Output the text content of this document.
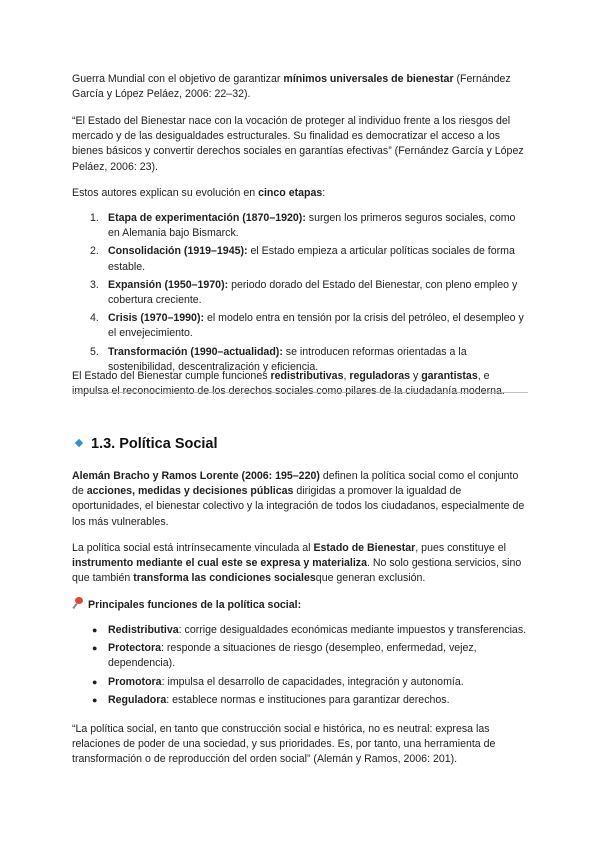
Guerra Mundial con el objetivo de garantizar mínimos universales de bienestar (Fernández García y López Peláez, 2006: 22–32).

“El Estado del Bienestar nace con la vocación de proteger al individuo frente a los riesgos del mercado y de las desigualdades estructurales. Su finalidad es democratizar el acceso a los bienes básicos y convertir derechos sociales en garantías efectivas” (Fernández García y López Peláez, 2006: 23).

Estos autores explican su evolución en cinco etapas:

1. Etapa de experimentación (1870–1920): surgen los primeros seguros sociales, como en Alemania bajo Bismarck.
2. Consolidación (1919–1945): el Estado empieza a articular políticas sociales de forma estable.
3. Expansión (1950–1970): periodo dorado del Estado del Bienestar, con pleno empleo y cobertura creciente.
4. Crisis (1970–1990): el modelo entra en tensión por la crisis del petróleo, el desempleo y el envejecimiento.
5. Transformación (1990–actualidad): se introducen reformas orientadas a la sostenibilidad, descentralización y eficiencia.

El Estado del Bienestar cumple funciones redistributivas, reguladoras y garantistas, e impulsa el reconocimiento de los derechos sociales como pilares de la ciudadanía moderna.

1.3. Política Social

Alemán Bracho y Ramos Lorente (2006: 195–220) definen la política social como el conjunto de acciones, medidas y decisiones públicas dirigidas a promover la igualdad de oportunidades, el bienestar colectivo y la integración de todos los ciudadanos, especialmente de los más vulnerables.

La política social está intrínsecamente vinculada al Estado de Bienestar, pues constituye el instrumento mediante el cual este se expresa y materializa. No solo gestiona servicios, sino que también transforma las condiciones socialesque generan exclusión.

Principales funciones de la política social:

● Redistributiva: corrige desigualdades económicas mediante impuestos y transferencias.
● Protectora: responde a situaciones de riesgo (desempleo, enfermedad, vejez, dependencia).
● Promotora: impulsa el desarrollo de capacidades, integración y autonomía.
● Reguladora: establece normas e instituciones para garantizar derechos.

“La política social, en tanto que construcción social e histórica, no es neutral: expresa las relaciones de poder de una sociedad, y sus prioridades. Es, por tanto, una herramienta de transformación o de reproducción del orden social” (Alemán y Ramos, 2006: 201).
